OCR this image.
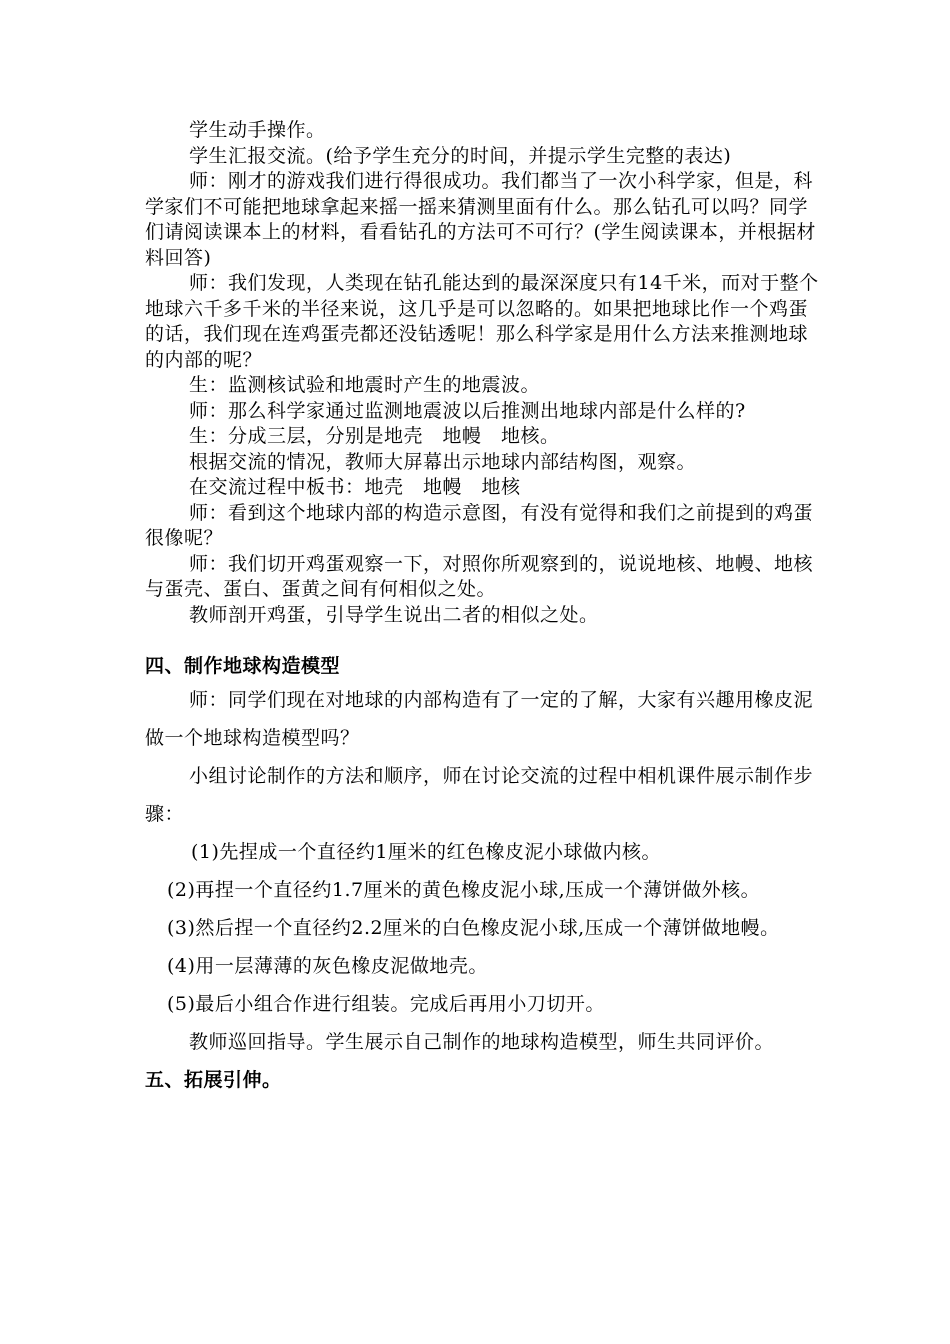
学生动手操作。

学生汇报交流。(给予学生充分的时间，并提示学生完整的表达)

师：刚才的游戏我们进行得很成功。我们都当了一次小科学家，但是，科学家们不可能把地球拿起来摇一摇来猜测里面有什么。那么钻孔可以吗？同学们请阅读课本上的材料，看看钻孔的方法可不可行？(学生阅读课本，并根据材料回答)

师：我们发现，人类现在钻孔能达到的最深深度只有14千米，而对于整个地球六千多千米的半径来说，这几乎是可以忽略的。如果把地球比作一个鸡蛋的话，我们现在连鸡蛋壳都还没钻透呢！那么科学家是用什么方法来推测地球的内部的呢？

生：监测核试验和地震时产生的地震波。

师：那么科学家通过监测地震波以后推测出地球内部是什么样的?

生：分成三层，分别是地壳　地幔　地核。

根据交流的情况，教师大屏幕出示地球内部结构图，观察。

在交流过程中板书：地壳　地幔　地核

师：看到这个地球内部的构造示意图，有没有觉得和我们之前提到的鸡蛋很像呢？

师：我们切开鸡蛋观察一下，对照你所观察到的，说说地核、地幔、地核与蛋壳、蛋白、蛋黄之间有何相似之处。

教师剖开鸡蛋，引导学生说出二者的相似之处。

四、制作地球构造模型

师：同学们现在对地球的内部构造有了一定的了解，大家有兴趣用橡皮泥做一个地球构造模型吗？

小组讨论制作的方法和顺序，师在讨论交流的过程中相机课件展示制作步骤：

(1)先捏成一个直径约1厘米的红色橡皮泥小球做内核。

(2)再捏一个直径约1.7厘米的黄色橡皮泥小球,压成一个薄饼做外核。

(3)然后捏一个直径约2.2厘米的白色橡皮泥小球,压成一个薄饼做地幔。

(4)用一层薄薄的灰色橡皮泥做地壳。

(5)最后小组合作进行组装。完成后再用小刀切开。

教师巡回指导。学生展示自己制作的地球构造模型，师生共同评价。

五、拓展引伸。
